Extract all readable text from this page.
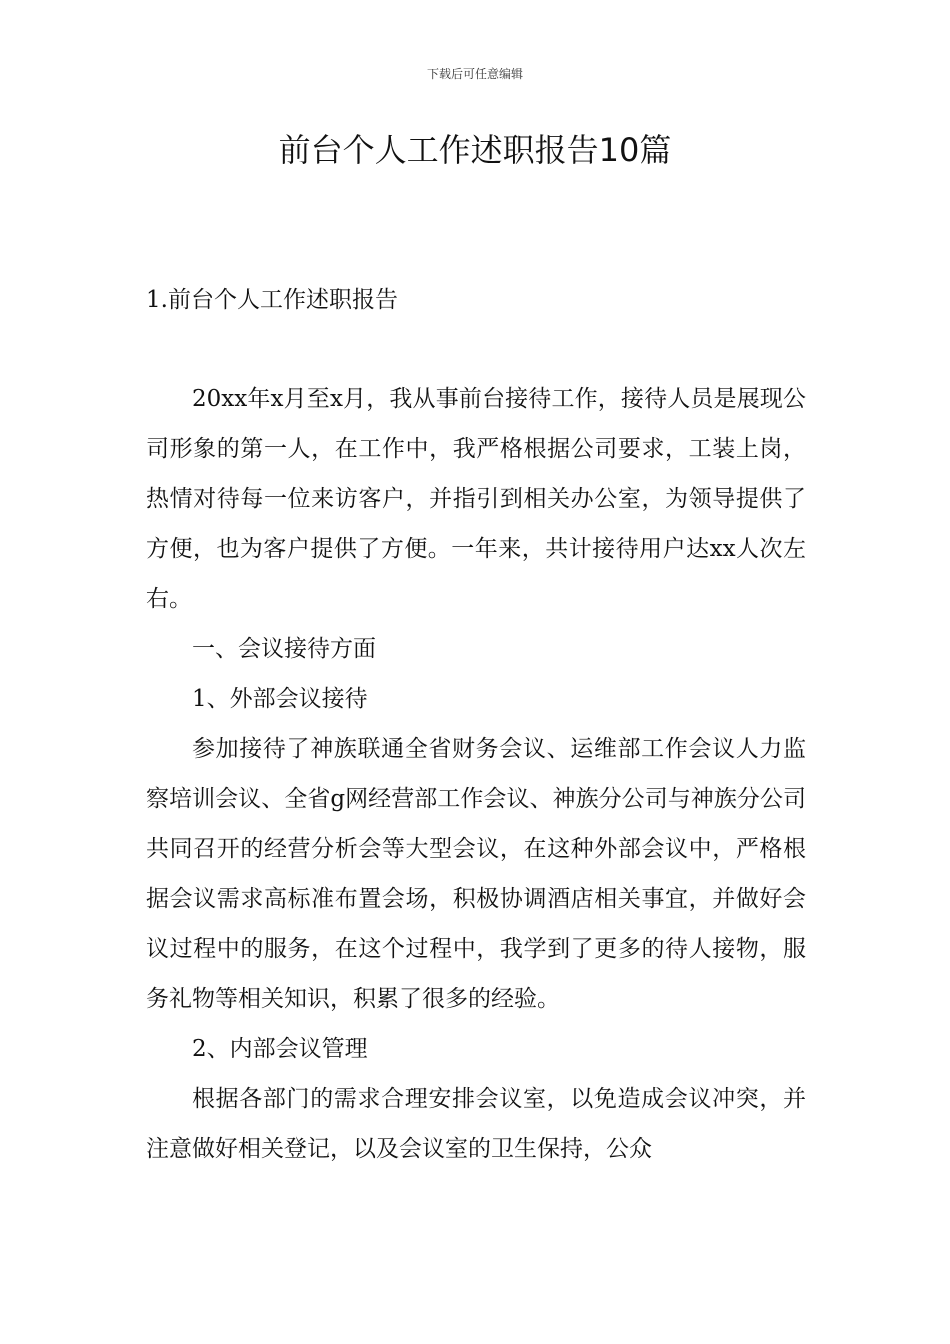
下载后可任意编辑
前台个人工作述职报告10篇
1.前台个人工作述职报告

20xx年x月至x月，我从事前台接待工作，接待人员是展现公司形象的第一人，在工作中，我严格根据公司要求，工装上岗，热情对待每一位来访客户，并指引到相关办公室，为领导提供了方便，也为客户提供了方便。一年来，共计接待用户达xx人次左右。

一、会议接待方面

1、外部会议接待

参加接待了神族联通全省财务会议、运维部工作会议人力监察培训会议、全省g网经营部工作会议、神族分公司与神族分公司共同召开的经营分析会等大型会议，在这种外部会议中，严格根据会议需求高标准布置会场，积极协调酒店相关事宜，并做好会议过程中的服务，在这个过程中，我学到了更多的待人接物，服务礼物等相关知识，积累了很多的经验。

2、内部会议管理

根据各部门的需求合理安排会议室，以免造成会议冲突，并注意做好相关登记，以及会议室的卫生保持，公众
